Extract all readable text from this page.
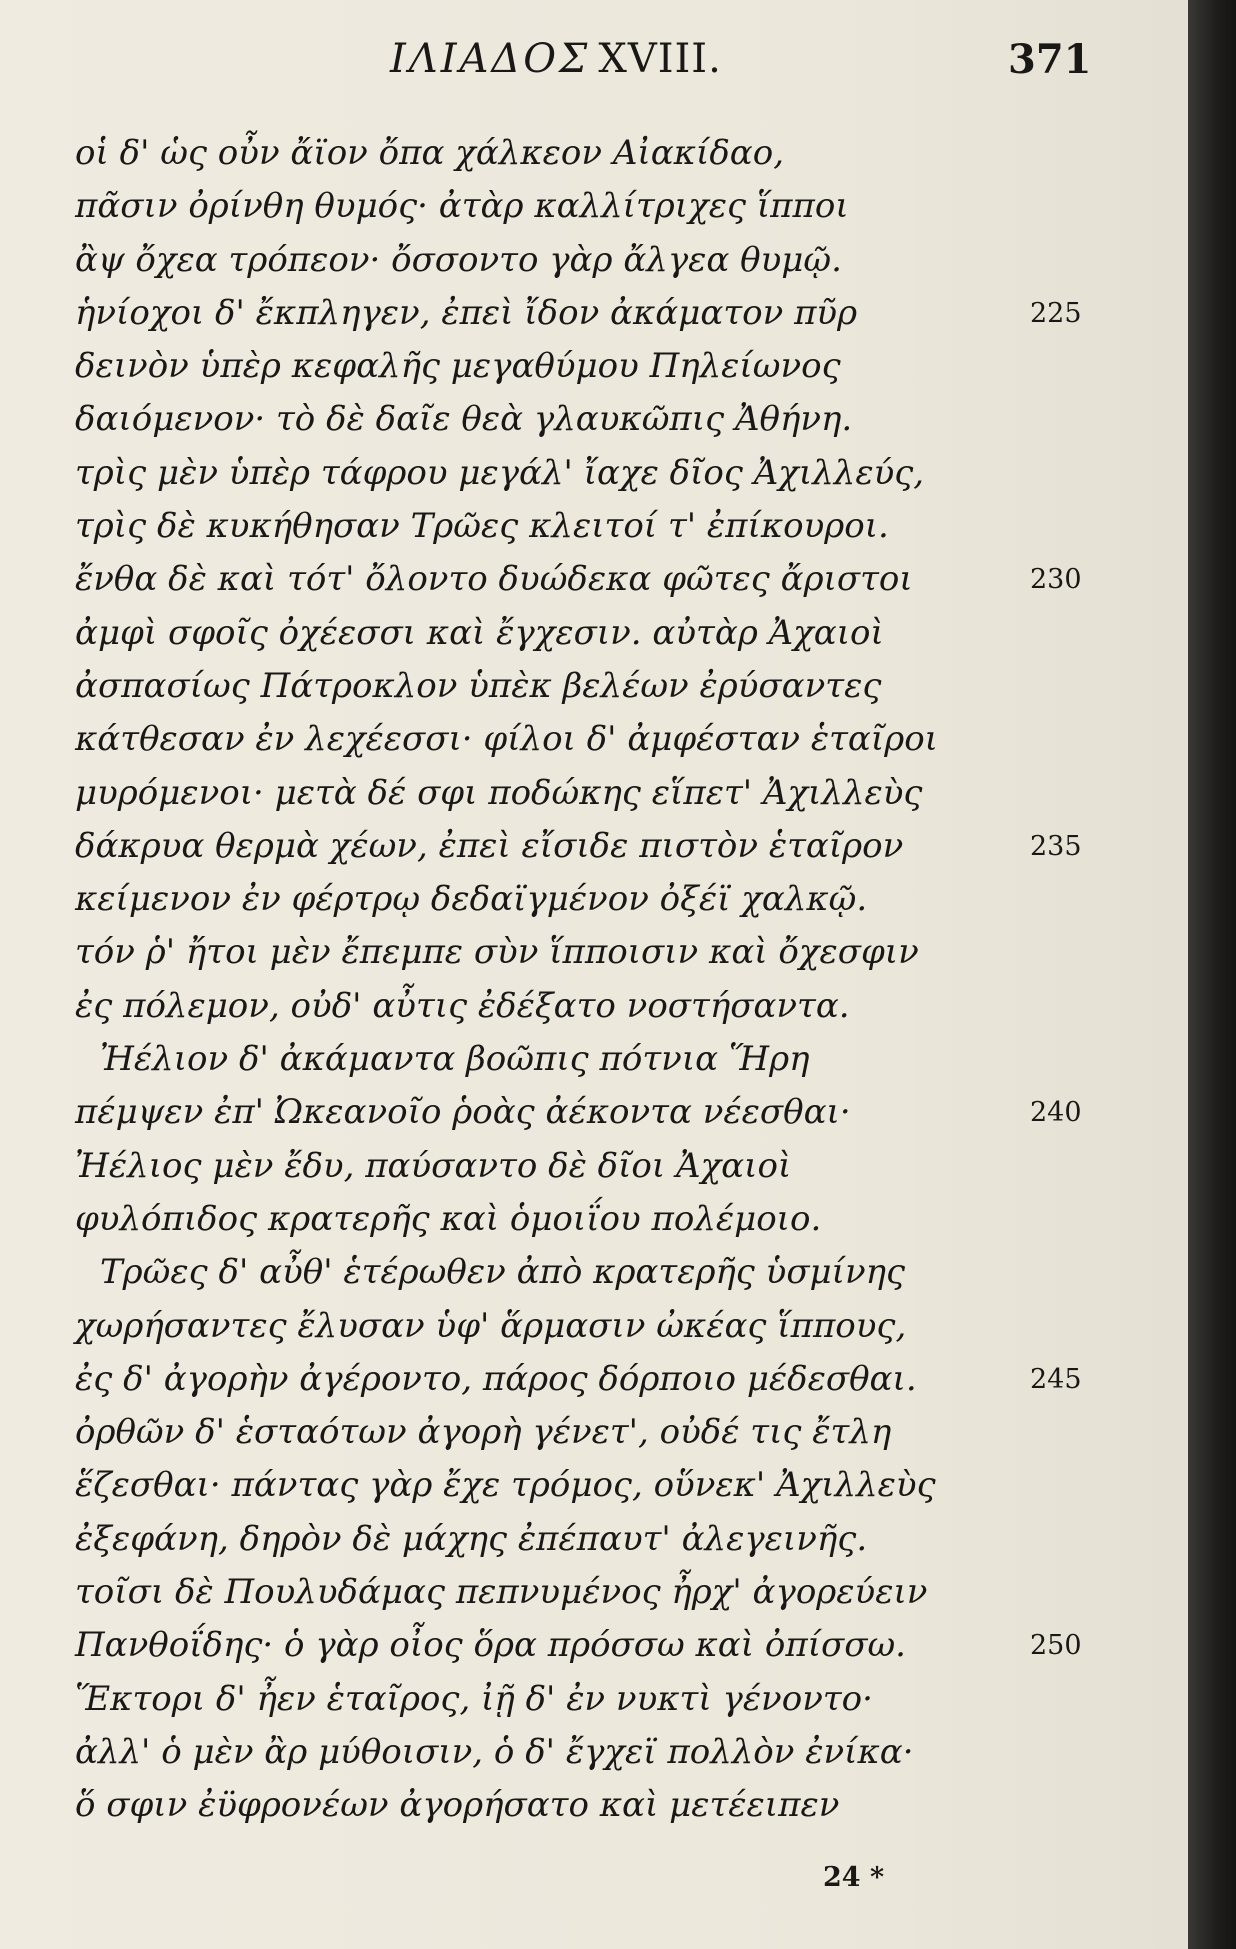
ΙΛΙΑΔΟΣ XVIII.	371
οἱ δ' ὡς οὖν ἄϊον ὄπα χάλκεον Αἰακίδαο,
πᾶσιν ὀρίνθη θυμός· ἀτὰρ καλλίτριχες ἵπποι
ἂψ ὄχεα τρόπεον· ὄσσοντο γὰρ ἄλγεα θυμῷ.
ἡνίοχοι δ' ἔκπληγεν, ἐπεὶ ἴδον ἀκάματον πῦρ	225
δεινὸν ὑπὲρ κεφαλῆς μεγαθύμου Πηλείωνος
δαιόμενον· τὸ δὲ δαῖε θεὰ γλαυκῶπις Ἀθήνη.
τρὶς μὲν ὑπὲρ τάφρου μεγάλ' ἴαχε δῖος Ἀχιλλεύς,
τρὶς δὲ κυκήθησαν Τρῶες κλειτοί τ' ἐπίκουροι.
ἔνθα δὲ καὶ τότ' ὄλοντο δυώδεκα φῶτες ἄριστοι	230
ἀμφὶ σφοῖς ὀχέεσσι καὶ ἔγχεσιν. αὐτὰρ Ἀχαιοὶ
ἀσπασίως Πάτροκλον ὑπὲκ βελέων ἐρύσαντες
κάτθεσαν ἐν λεχέεσσι· φίλοι δ' ἀμφέσταν ἑταῖροι
μυρόμενοι· μετὰ δέ σφι ποδώκης εἵπετ' Ἀχιλλεὺς
δάκρυα θερμὰ χέων, ἐπεὶ εἴσιδε πιστὸν ἑταῖρον	235
κείμενον ἐν φέρτρῳ δεδαϊγμένον ὀξέϊ χαλκῷ.
τόν ῥ' ἤτοι μὲν ἔπεμπε σὺν ἵπποισιν καὶ ὄχεσφιν
ἐς πόλεμον, οὐδ' αὖτις ἐδέξατο νοστήσαντα.
Ἠέλιον δ' ἀκάμαντα βοῶπις πότνια Ἥρη
πέμψεν ἐπ' Ὠκεανοῖο ῥοὰς ἀέκοντα νέεσθαι·	240
Ἠέλιος μὲν ἔδυ, παύσαντο δὲ δῖοι Ἀχαιοὶ
φυλόπιδος κρατερῆς καὶ ὁμοιΐου πολέμοιο.
Τρῶες δ' αὖθ' ἑτέρωθεν ἀπὸ κρατερῆς ὑσμίνης
χωρήσαντες ἔλυσαν ὑφ' ἅρμασιν ὠκέας ἵππους,
ἐς δ' ἀγορὴν ἀγέροντο, πάρος δόρποιο μέδεσθαι.	245
ὀρθῶν δ' ἑσταότων ἀγορὴ γένετ', οὐδέ τις ἔτλη
ἕζεσθαι· πάντας γὰρ ἔχε τρόμος, οὕνεκ' Ἀχιλλεὺς
ἐξεφάνη, δηρὸν δὲ μάχης ἐπέπαυτ' ἀλεγεινῆς.
τοῖσι δὲ Πουλυδάμας πεπνυμένος ἦρχ' ἀγορεύειν
Πανθοΐδης· ὁ γὰρ οἶος ὅρα πρόσσω καὶ ὀπίσσω.	250
Ἕκτορι δ' ἦεν ἑταῖρος, ἰῇ δ' ἐν νυκτὶ γένοντο·
ἀλλ' ὁ μὲν ἂρ μύθοισιν, ὁ δ' ἔγχεϊ πολλὸν ἐνίκα·
ὅ σφιν ἐϋφρονέων ἀγορήσατο καὶ μετέειπεν
24 *
